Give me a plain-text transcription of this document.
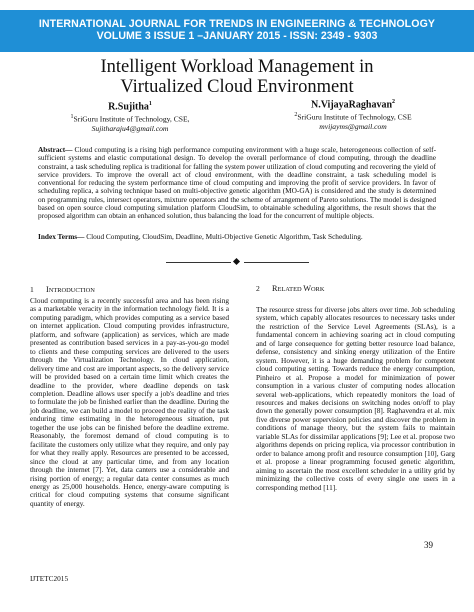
INTERNATIONAL JOURNAL FOR TRENDS IN ENGINEERING & TECHNOLOGY
VOLUME 3 ISSUE 1 –JANUARY 2015 - ISSN: 2349 - 9303
Intelligent Workload Management in
Virtualized Cloud Environment
R.Sujitha$^1$
$^1$SriGuru Institute of Technology, CSE,
Sujitharaju4@gmail.com
N.VijayaRaghavan$^2$
$^2$SriGuru Institute of Technology, CSE
mvijayms@gmail.com
Abstract— Cloud computing is a rising high performance computing environment with a huge scale, heterogeneous collection of self-sufficient systems and elastic computational design. To develop the overall performance of cloud computing, through the deadline constraint, a task scheduling replica is traditional for falling the system power utilization of cloud computing and recovering the yield of service providers. To improve the overall act of cloud environment, with the deadline constraint, a task scheduling model is conventional for reducing the system performance time of cloud computing and improving the profit of service providers. In favor of scheduling replica, a solving technique based on multi-objective genetic algorithm (MO-GA) is considered and the study is determined on programming rules, intersect operators, mixture operators and the scheme of arrangement of Pareto solutions. The model is designed based on open source cloud computing simulation platform CloudSim, to obtainable scheduling algorithms, the result shows that the proposed algorithm can obtain an enhanced solution, thus balancing the load for the concurrent of multiple objects.
Index Terms— Cloud Computing, CloudSim, Deadline, Multi-Objective Genetic Algorithm, Task Scheduling.
1 INTRODUCTION
Cloud computing is a recently successful area and has been rising as a marketable veracity in the information technology field. It is a computing paradigm, which provides computing as a service based on internet application. Cloud computing provides infrastructure, platform, and software (application) as services, which are made presented as contribution based services in a pay-as-you-go model to clients and these computing services are delivered to the users through the Virtualization Technology. In cloud application, delivery time and cost are important aspects, so the delivery service will be provided based on a certain time limit which creates the deadline to the provider, where deadline depends on task completion. Deadline allows user specify a job's deadline and tries to formulate the job be finished earlier than the deadline. During the job deadline, we can build a model to proceed the reality of the task enduring time estimating in the heterogeneous situation, put together the use jobs can be finished before the deadline extreme. Reasonably, the foremost demand of cloud computing is to facilitate the customers only utilize what they require, and only pay for what they really apply. Resources are presented to be accessed, since the cloud at any particular time, and from any location through the internet [7]. Yet, data canters use a considerable and rising portion of energy; a regular data center consumes as much energy as 25,000 households. Hence, energy-aware computing is critical for cloud computing systems that consume significant quantity of energy.
2 RELATED WORK
The resource stress for diverse jobs alters over time. Job scheduling system, which capably allocates resources to necessary tasks under the restriction of the Service Level Agreements (SLAs), is a fundamental concern in achieving soaring act in cloud computing and of large consequence for getting better resource load balance, defense, consistency and sinking energy utilization of the Entire system. However, it is a huge demanding problem for competent cloud computing setting. Towards reduce the energy consumption, Pinheiro et al. Propose a model for minimization of power consumption in a various cluster of computing nodes allocation several web-applications, which repeatedly monitors the load of resources and makes decisions on switching nodes on/off to play down the generally power consumption [8]. Raghavendra et al. mix five diverse power supervision policies and discover the problem in conditions of manage theory, but the system fails to maintain variable SLAs for dissimilar applications [9]; Lee et al. propose two algorithms depends on pricing replica, via processor contribution in order to balance among profit and resource consumption [10], Garg et al. propose a linear programming focused genetic algorithm, aiming to ascertain the most excellent scheduler in a utility grid by minimizing the collective costs of every single one users in a corresponding method [11].
39
IJTETC2015
